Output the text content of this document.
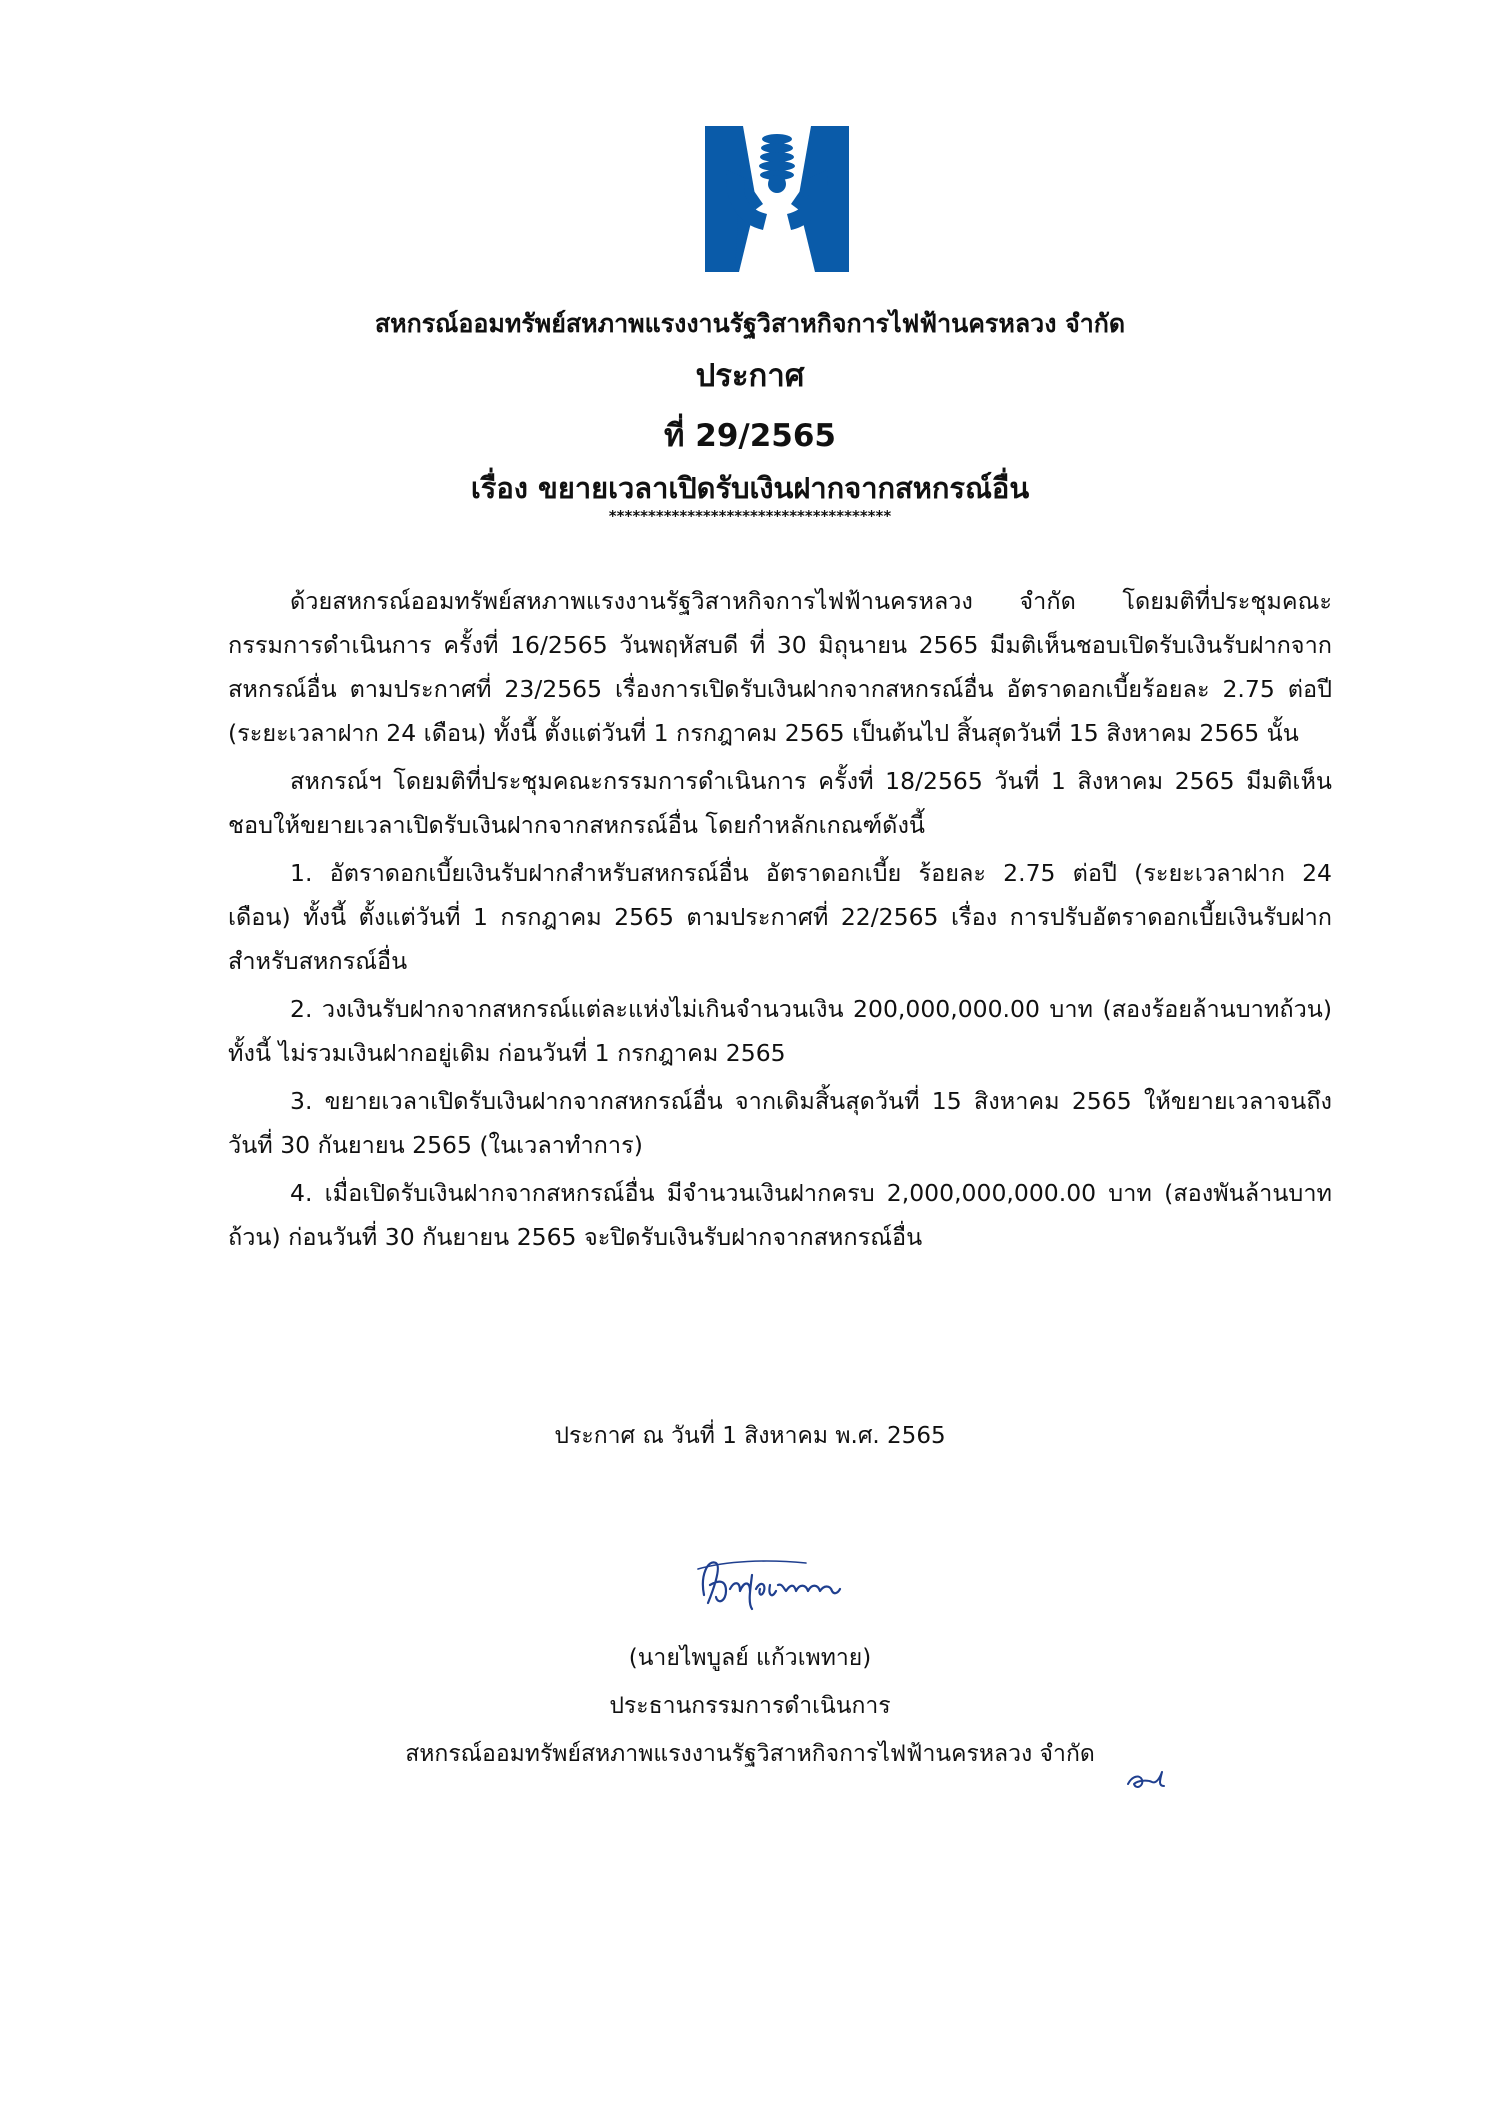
สหกรณ์ออมทรัพย์สหภาพแรงงานรัฐวิสาหกิจการไฟฟ้านครหลวง จำกัด
ประกาศ
ที่ 29/2565
เรื่อง ขยายเวลาเปิดรับเงินฝากจากสหกรณ์อื่น
************************************

ด้วยสหกรณ์ออมทรัพย์สหภาพแรงงานรัฐวิสาหกิจการไฟฟ้านครหลวง จำกัด โดยมติที่ประชุมคณะกรรมการดำเนินการ ครั้งที่ 16/2565 วันพฤหัสบดี ที่ 30 มิถุนายน 2565 มีมติเห็นชอบเปิดรับเงินรับฝากจากสหกรณ์อื่น ตามประกาศที่ 23/2565 เรื่องการเปิดรับเงินฝากจากสหกรณ์อื่น อัตราดอกเบี้ยร้อยละ 2.75 ต่อปี (ระยะเวลาฝาก 24 เดือน) ทั้งนี้ ตั้งแต่วันที่ 1 กรกฎาคม 2565 เป็นต้นไป สิ้นสุดวันที่ 15 สิงหาคม 2565 นั้น

สหกรณ์ฯ โดยมติที่ประชุมคณะกรรมการดำเนินการ ครั้งที่ 18/2565 วันที่ 1 สิงหาคม 2565 มีมติเห็นชอบให้ขยายเวลาเปิดรับเงินฝากจากสหกรณ์อื่น โดยกำหลักเกณฑ์ดังนี้

1. อัตราดอกเบี้ยเงินรับฝากสำหรับสหกรณ์อื่น อัตราดอกเบี้ย ร้อยละ 2.75 ต่อปี (ระยะเวลาฝาก 24 เดือน) ทั้งนี้ ตั้งแต่วันที่ 1 กรกฎาคม 2565 ตามประกาศที่ 22/2565 เรื่อง การปรับอัตราดอกเบี้ยเงินรับฝากสำหรับสหกรณ์อื่น

2. วงเงินรับฝากจากสหกรณ์แต่ละแห่งไม่เกินจำนวนเงิน 200,000,000.00 บาท (สองร้อยล้านบาทถ้วน) ทั้งนี้ ไม่รวมเงินฝากอยู่เดิม ก่อนวันที่ 1 กรกฎาคม 2565

3. ขยายเวลาเปิดรับเงินฝากจากสหกรณ์อื่น จากเดิมสิ้นสุดวันที่ 15 สิงหาคม 2565 ให้ขยายเวลาจนถึงวันที่ 30 กันยายน 2565 (ในเวลาทำการ)

4. เมื่อเปิดรับเงินฝากจากสหกรณ์อื่น มีจำนวนเงินฝากครบ 2,000,000,000.00 บาท (สองพันล้านบาทถ้วน) ก่อนวันที่ 30 กันยายน 2565 จะปิดรับเงินรับฝากจากสหกรณ์อื่น

ประกาศ ณ วันที่ 1 สิงหาคม พ.ศ. 2565
(นายไพบูลย์ แก้วเพทาย)
ประธานกรรมการดำเนินการ
สหกรณ์ออมทรัพย์สหภาพแรงงานรัฐวิสาหกิจการไฟฟ้านครหลวง จำกัด
